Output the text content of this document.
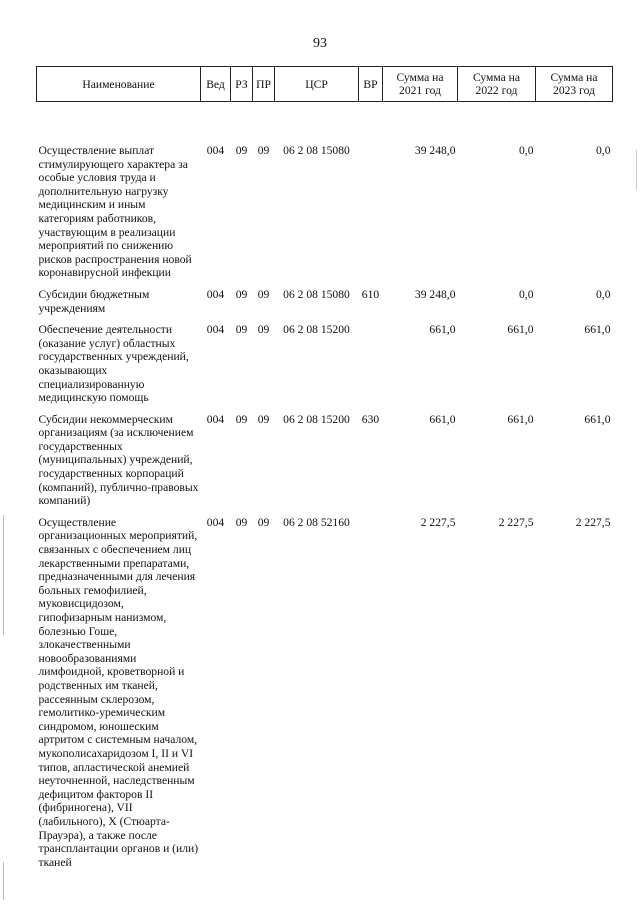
93
Наименование	Вед	РЗ	ПР	ЦСР	ВР	Сумма на 2021 год	Сумма на 2022 год	Сумма на 2023 год
Осуществление выплат стимулирующего характера за особые условия труда и дополнительную нагрузку медицинским и иным категориям работников, участвующим в реализации мероприятий по снижению рисков распространения новой коронавирусной инфекции	004	09	09	06 2 08 15080		39 248,0	0,0	0,0
Субсидии бюджетным учреждениям	004	09	09	06 2 08 15080	610	39 248,0	0,0	0,0
Обеспечение деятельности (оказание услуг) областных государственных учреждений, оказывающих специализированную медицинскую помощь	004	09	09	06 2 08 15200		661,0	661,0	661,0
Субсидии некоммерческим организациям (за исключением государственных (муниципальных) учреждений, государственных корпораций (компаний), публично-правовых компаний)	004	09	09	06 2 08 15200	630	661,0	661,0	661,0
Осуществление организационных мероприятий, связанных с обеспечением лиц лекарственными препаратами, предназначенными для лечения больных гемофилией, муковисцидозом, гипофизарным нанизмом, болезнью Гоше, злокачественными новообразованиями лимфоидной, кроветворной и родственных им тканей, рассеянным склерозом, гемолитико-уремическим синдромом, юношеским артритом с системным началом, мукополисахаридозом I, II и VI типов, апластической анемией неуточненной, наследственным дефицитом факторов II (фибриногена), VII (лабильного), X (Стюарта-Прауэра), а также после трансплантации органов и (или) тканей	004	09	09	06 2 08 52160		2 227,5	2 227,5	2 227,5
